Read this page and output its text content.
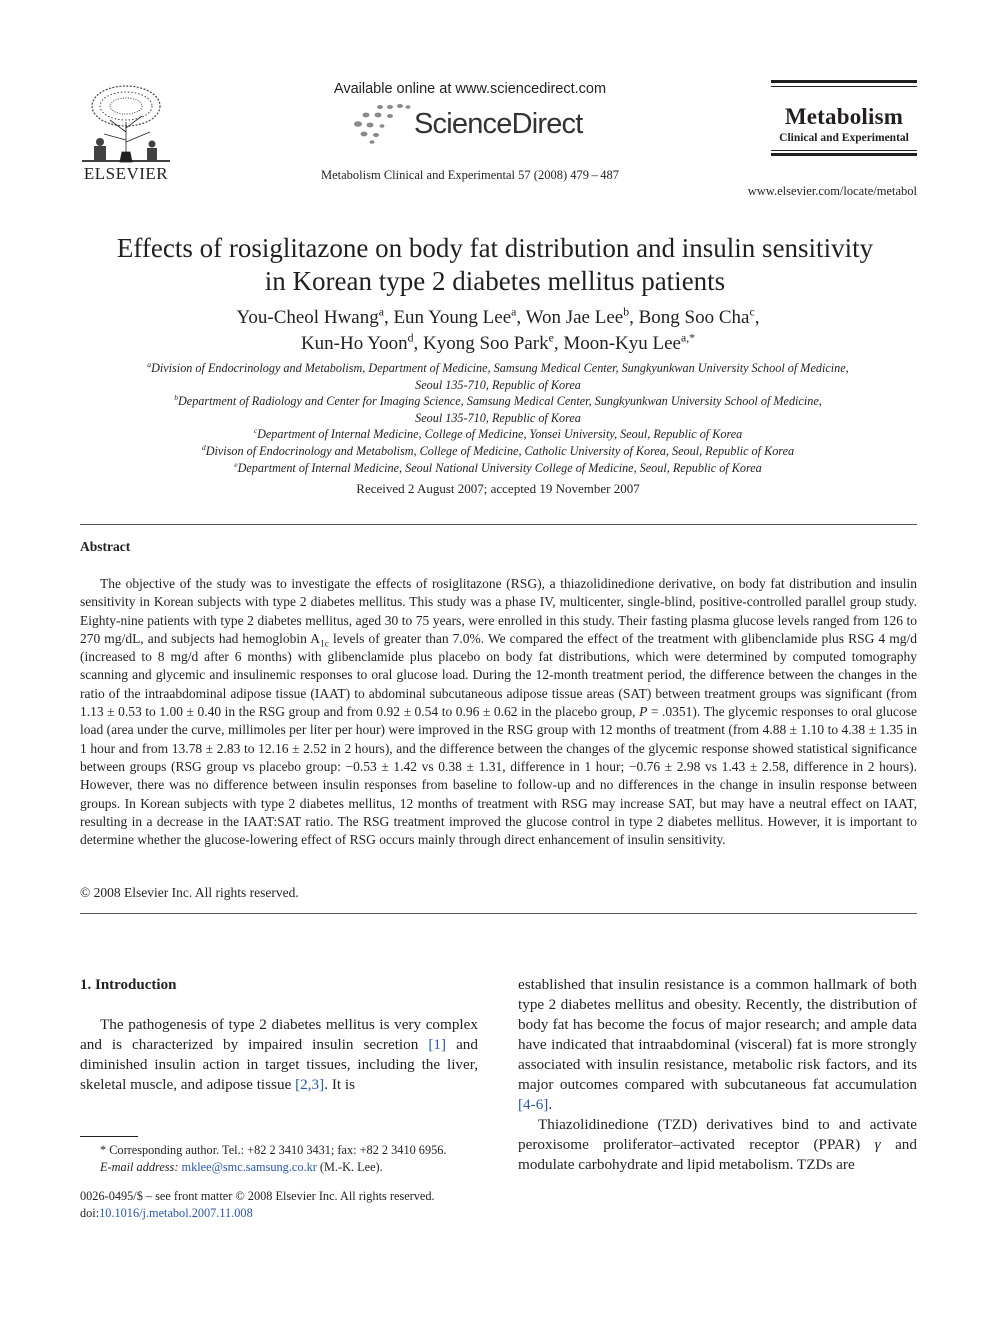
ELSEVIER
Available online at www.sciencedirect.com
ScienceDirect
Metabolism Clinical and Experimental 57 (2008) 479 – 487
Metabolism
Clinical and Experimental
www.elsevier.com/locate/metabol
Effects of rosiglitazone on body fat distribution and insulin sensitivity
in Korean type 2 diabetes mellitus patients
You-Cheol Hwang$^a$, Eun Young Lee$^a$, Won Jae Lee$^b$, Bong Soo Cha$^c$,
Kun-Ho Yoon$^d$, Kyong Soo Park$^e$, Moon-Kyu Lee$^{a,*}$
$^a$Division of Endocrinology and Metabolism, Department of Medicine, Samsung Medical Center, Sungkyunkwan University School of Medicine,
Seoul 135-710, Republic of Korea
$^b$Department of Radiology and Center for Imaging Science, Samsung Medical Center, Sungkyunkwan University School of Medicine,
Seoul 135-710, Republic of Korea
$^c$Department of Internal Medicine, College of Medicine, Yonsei University, Seoul, Republic of Korea
$^d$Divison of Endocrinology and Metabolism, College of Medicine, Catholic University of Korea, Seoul, Republic of Korea
$^e$Department of Internal Medicine, Seoul National University College of Medicine, Seoul, Republic of Korea
Received 2 August 2007; accepted 19 November 2007
Abstract

The objective of the study was to investigate the effects of rosiglitazone (RSG), a thiazolidinedione derivative, on body fat distribution and insulin sensitivity in Korean subjects with type 2 diabetes mellitus. This study was a phase IV, multicenter, single-blind, positive-controlled parallel group study. Eighty-nine patients with type 2 diabetes mellitus, aged 30 to 75 years, were enrolled in this study. Their fasting plasma glucose levels ranged from 126 to 270 mg/dL, and subjects had hemoglobin $A_{1c}$ levels of greater than 7.0%. We compared the effect of the treatment with glibenclamide plus RSG 4 mg/d (increased to 8 mg/d after 6 months) with glibenclamide plus placebo on body fat distributions, which were determined by computed tomography scanning and glycemic and insulinemic responses to oral glucose load. During the 12-month treatment period, the difference between the changes in the ratio of the intraabdominal adipose tissue (IAAT) to abdominal subcutaneous adipose tissue areas (SAT) between treatment groups was significant (from 1.13 ± 0.53 to 1.00 ± 0.40 in the RSG group and from 0.92 ± 0.54 to 0.96 ± 0.62 in the placebo group, P = .0351). The glycemic responses to oral glucose load (area under the curve, millimoles per liter per hour) were improved in the RSG group with 12 months of treatment (from 4.88 ± 1.10 to 4.38 ± 1.35 in 1 hour and from 13.78 ± 2.83 to 12.16 ± 2.52 in 2 hours), and the difference between the changes of the glycemic response showed statistical significance between groups (RSG group vs placebo group: −0.53 ± 1.42 vs 0.38 ± 1.31, difference in 1 hour; −0.76 ± 2.98 vs 1.43 ± 2.58, difference in 2 hours). However, there was no difference between insulin responses from baseline to follow-up and no differences in the change in insulin response between groups. In Korean subjects with type 2 diabetes mellitus, 12 months of treatment with RSG may increase SAT, but may have a neutral effect on IAAT, resulting in a decrease in the IAAT:SAT ratio. The RSG treatment improved the glucose control in type 2 diabetes mellitus. However, it is important to determine whether the glucose-lowering effect of RSG occurs mainly through direct enhancement of insulin sensitivity.

© 2008 Elsevier Inc. All rights reserved.
1. Introduction

The pathogenesis of type 2 diabetes mellitus is very complex and is characterized by impaired insulin secretion [1] and diminished insulin action in target tissues, including the liver, skeletal muscle, and adipose tissue [2,3]. It is

established that insulin resistance is a common hallmark of both type 2 diabetes mellitus and obesity. Recently, the distribution of body fat has become the focus of major research; and ample data have indicated that intraabdominal (visceral) fat is more strongly associated with insulin resistance, metabolic risk factors, and its major outcomes compared with subcutaneous fat accumulation [4-6].

Thiazolidinedione (TZD) derivatives bind to and activate peroxisome proliferator–activated receptor (PPAR) γ and modulate carbohydrate and lipid metabolism. TZDs are

* Corresponding author. Tel.: +82 2 3410 3431; fax: +82 2 3410 6956.
E-mail address: mklee@smc.samsung.co.kr (M.-K. Lee).
0026-0495/$ – see front matter © 2008 Elsevier Inc. All rights reserved.
doi:10.1016/j.metabol.2007.11.008
